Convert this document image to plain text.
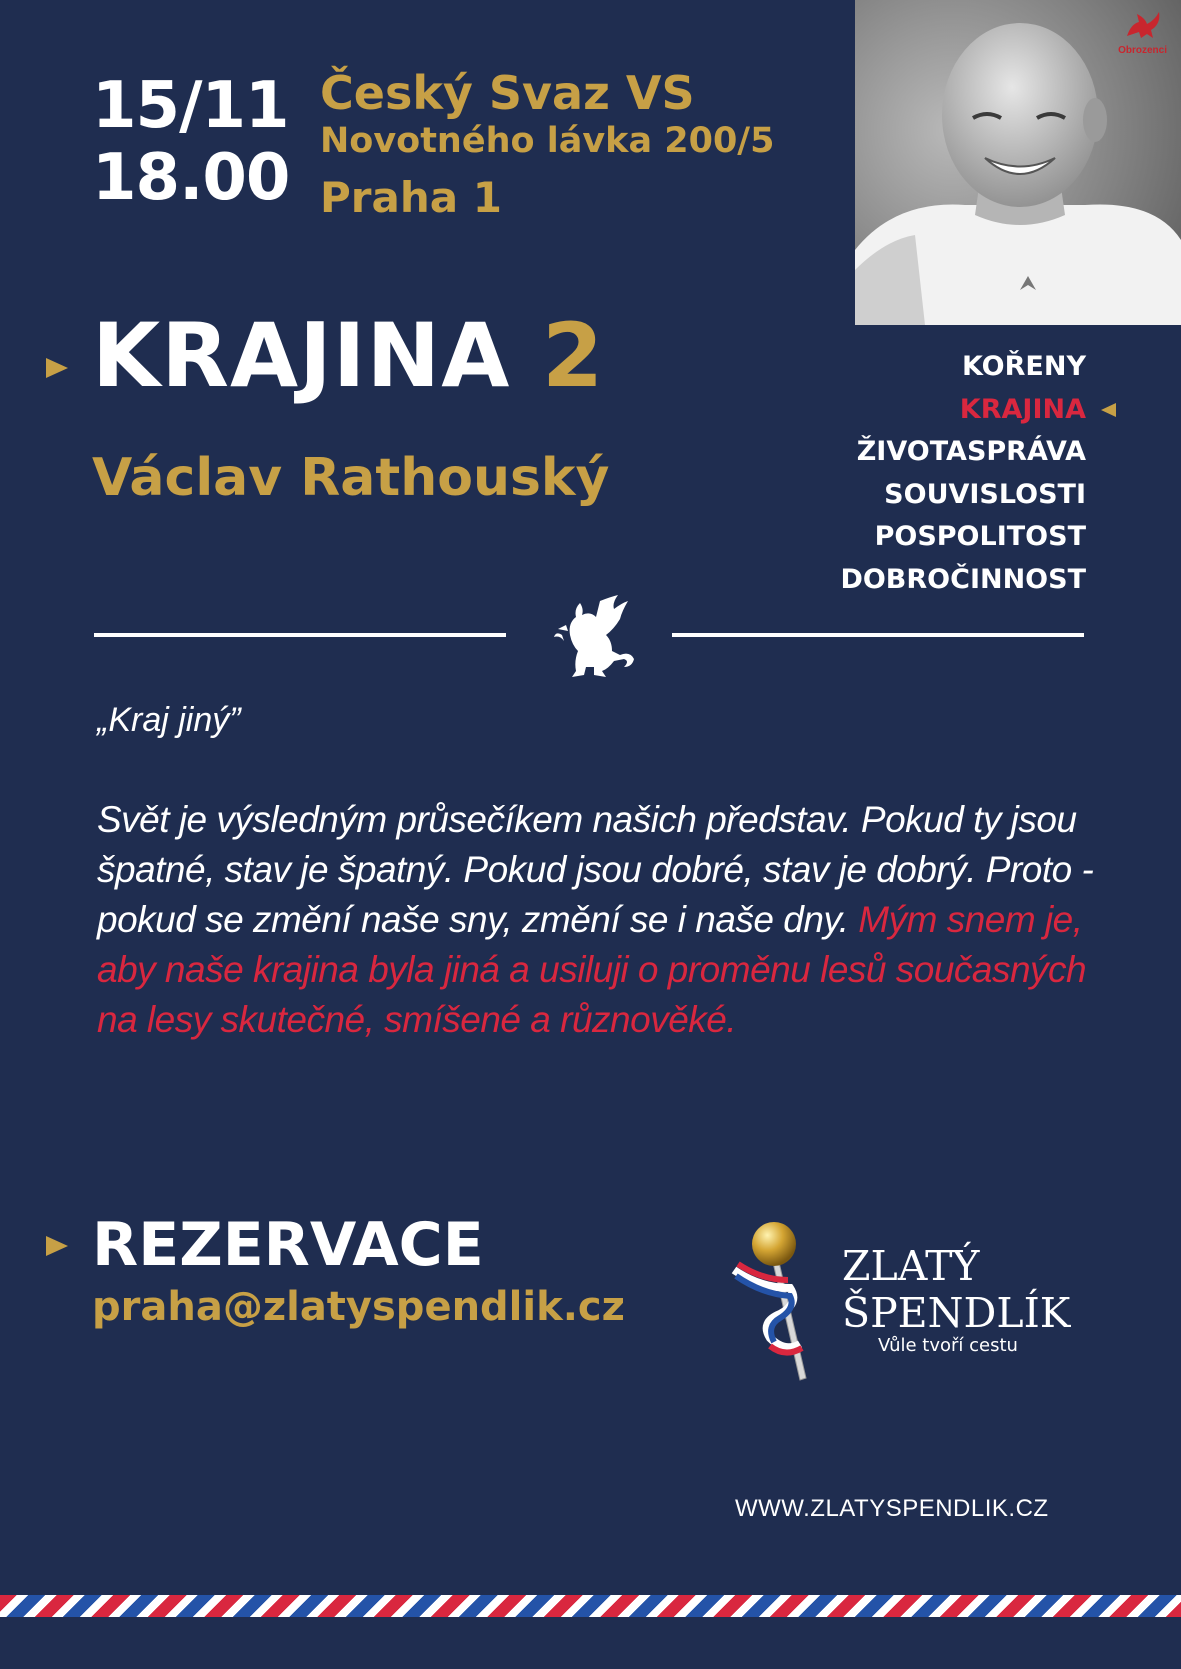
15/11
18.00
Český Svaz VS
Novotného lávka 200/5
Praha 1
Obrozenci
KRAJINA 2
Václav Rathouský
KOŘENY
KRAJINA
ŽIVOTASPRÁVA
SOUVISLOSTI
POSPOLITOST
DOBROČINNOST
„Kraj jiný”
Svět je výsledným průsečíkem našich představ. Pokud ty jsou špatné, stav je špatný. Pokud jsou dobré, stav je dobrý. Proto - pokud se změní naše sny, změní se i naše dny. Mým snem je, aby naše krajina byla jiná a usiluji o proměnu lesů současných na lesy skutečné, smíšené a různověké.
REZERVACE
praha@zlatyspendlik.cz
ZLATÝ
ŠPENDLÍK
Vůle tvoří cestu
WWW.ZLATYSPENDLIK.CZ
